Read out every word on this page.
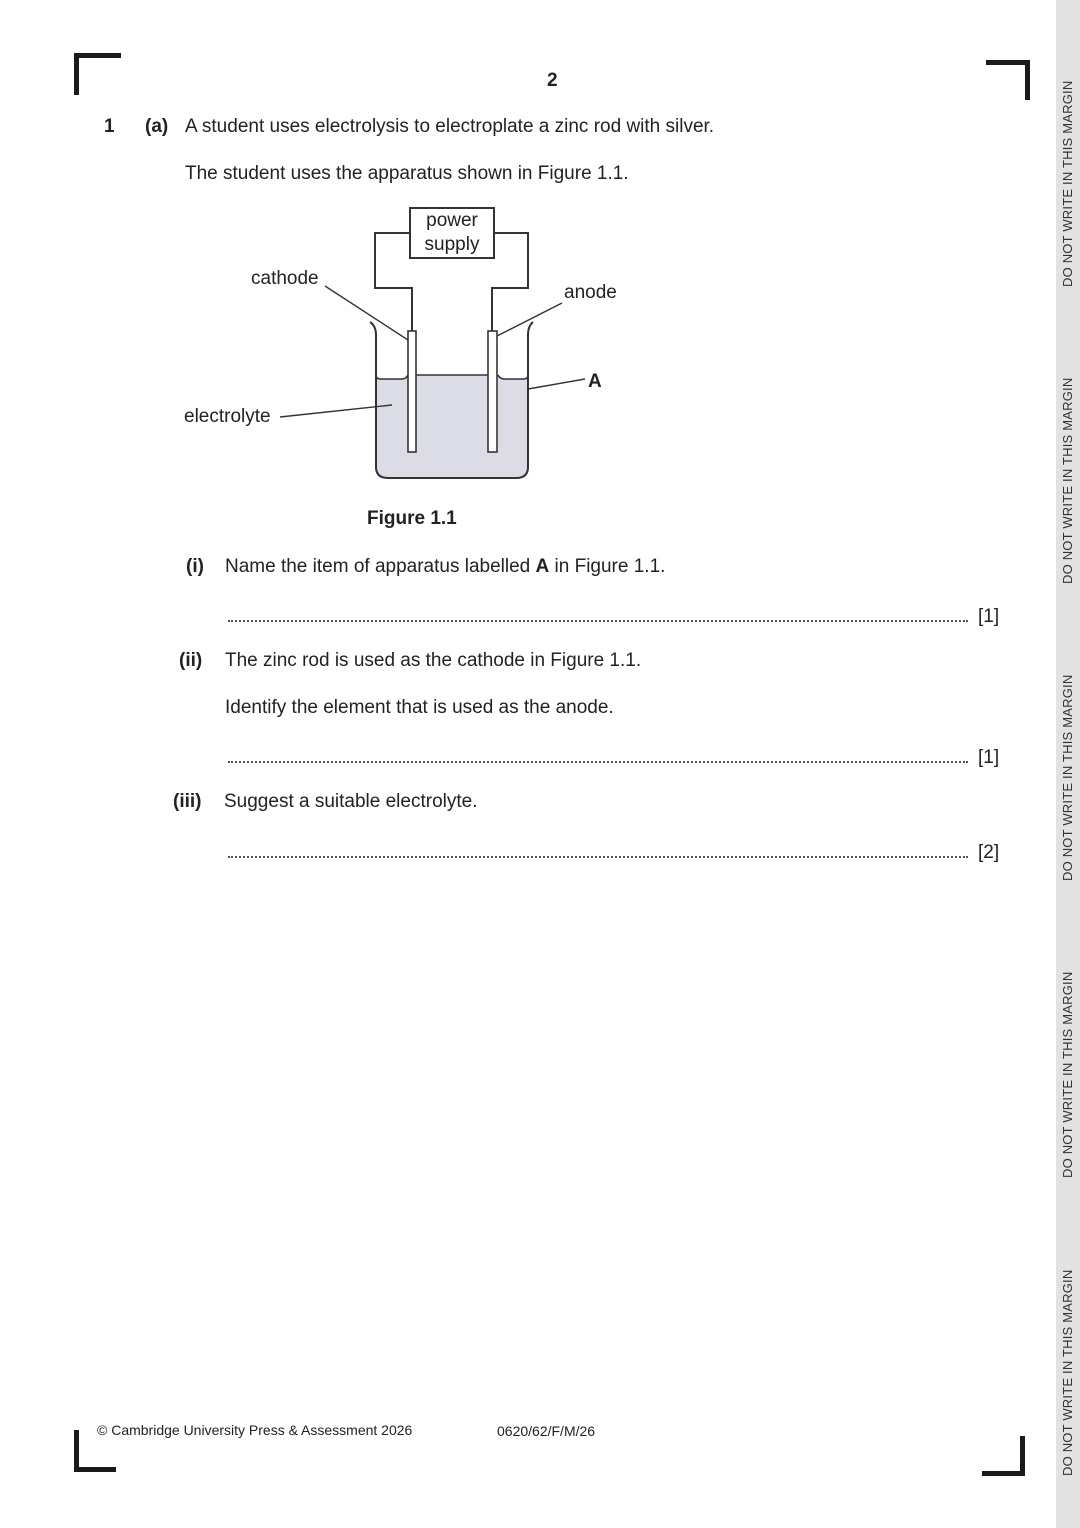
2
1 (a) A student uses electrolysis to electroplate a zinc rod with silver.
The student uses the apparatus shown in Figure 1.1.
power
supply
cathode
anode
A
electrolyte
Figure 1.1
(i) Name the item of apparatus labelled A in Figure 1.1.
[1]
(ii) The zinc rod is used as the cathode in Figure 1.1.
Identify the element that is used as the anode.
[1]
(iii) Suggest a suitable electrolyte.
[2]
© Cambridge University Press & Assessment 2026	0620/62/F/M/26
DO NOT WRITE IN THIS MARGIN
DO NOT WRITE IN THIS MARGIN
DO NOT WRITE IN THIS MARGIN
DO NOT WRITE IN THIS MARGIN
DO NOT WRITE IN THIS MARGIN
